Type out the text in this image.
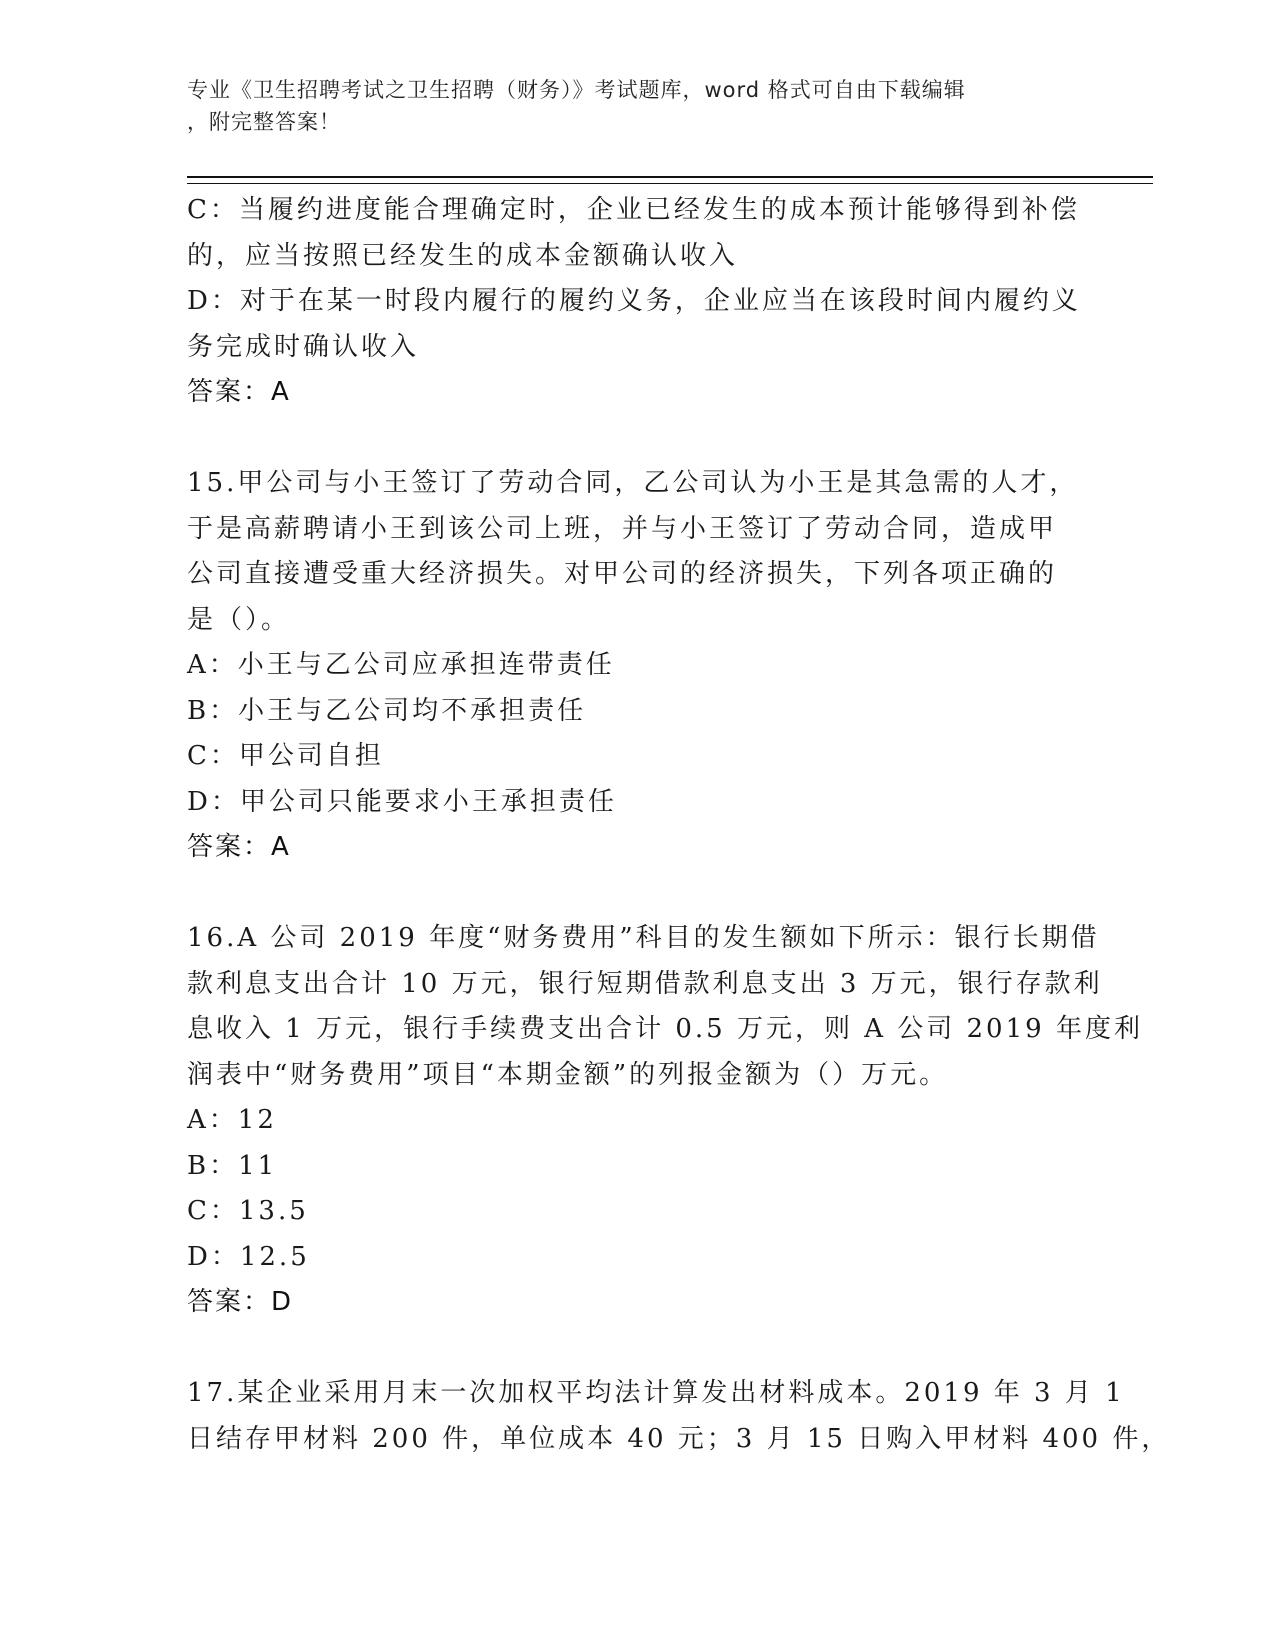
专业《卫生招聘考试之卫生招聘（财务）》考试题库，word 格式可自由下载编辑
，附完整答案！
C：当履约进度能合理确定时，企业已经发生的成本预计能够得到补偿
的，应当按照已经发生的成本金额确认收入
D：对于在某一时段内履行的履约义务，企业应当在该段时间内履约义
务完成时确认收入
答案：A
15.甲公司与小王签订了劳动合同，乙公司认为小王是其急需的人才，
于是高薪聘请小王到该公司上班，并与小王签订了劳动合同，造成甲
公司直接遭受重大经济损失。对甲公司的经济损失，下列各项正确的
是（）。
A：小王与乙公司应承担连带责任
B：小王与乙公司均不承担责任
C：甲公司自担
D：甲公司只能要求小王承担责任
答案：A
16.A 公司 2019 年度“财务费用”科目的发生额如下所示：银行长期借
款利息支出合计 10 万元，银行短期借款利息支出 3 万元，银行存款利
息收入 1 万元，银行手续费支出合计 0.5 万元，则 A 公司 2019 年度利
润表中“财务费用”项目“本期金额”的列报金额为（）万元。
A：12
B：11
C：13.5
D：12.5
答案：D
17.某企业采用月末一次加权平均法计算发出材料成本。2019 年 3 月 1
日结存甲材料 200 件，单位成本 40 元；3 月 15 日购入甲材料 400 件，
